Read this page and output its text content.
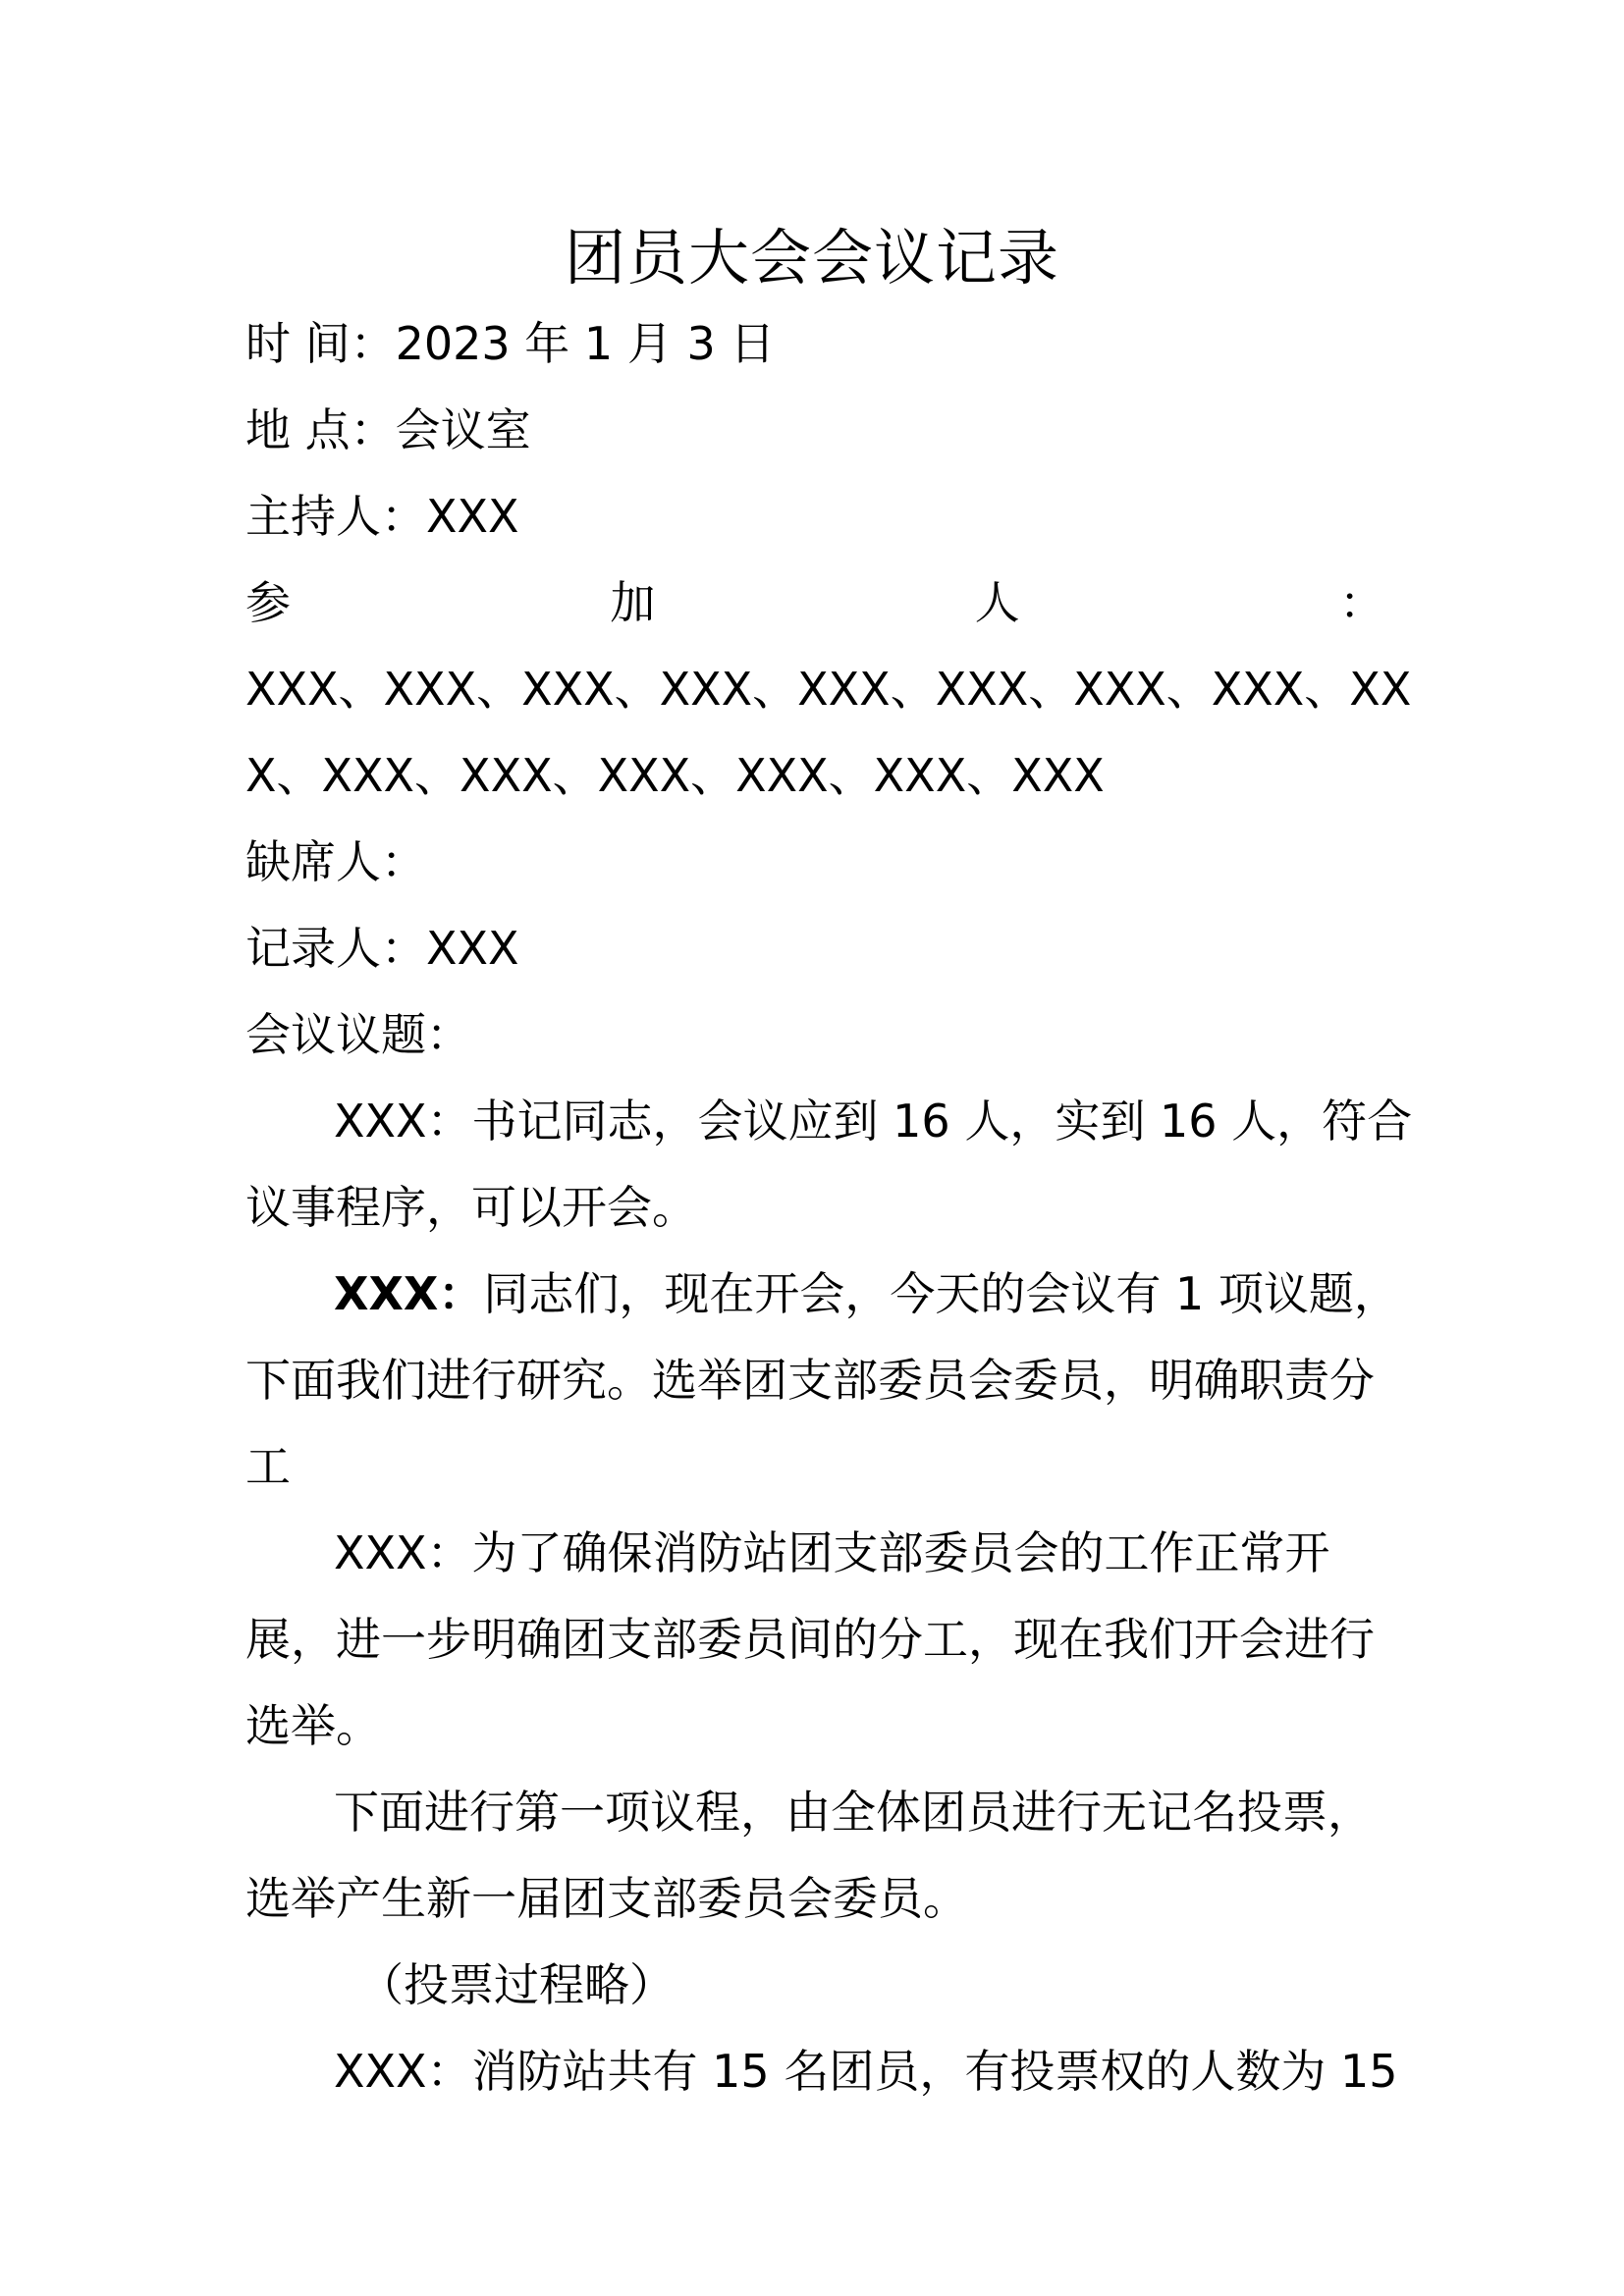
团员大会会议记录
时 间：2023 年 1 月 3 日
地 点：会议室
主持人：XXX
参	加	人	：
XXX、XXX、XXX、XXX、XXX、XXX、XXX、XXX、XX
X、XXX、XXX、XXX、XXX、XXX、XXX
缺席人：
记录人：XXX
会议议题：
XXX：书记同志，会议应到 16 人，实到 16 人，符合
议事程序，可以开会。
XXX：同志们，现在开会，今天的会议有 1 项议题，
下面我们进行研究。选举团支部委员会委员，明确职责分
工
XXX：为了确保消防站团支部委员会的工作正常开
展，进一步明确团支部委员间的分工，现在我们开会进行
选举。
下面进行第一项议程，由全体团员进行无记名投票，
选举产生新一届团支部委员会委员。
（投票过程略）
XXX：消防站共有 15 名团员，有投票权的人数为 15
